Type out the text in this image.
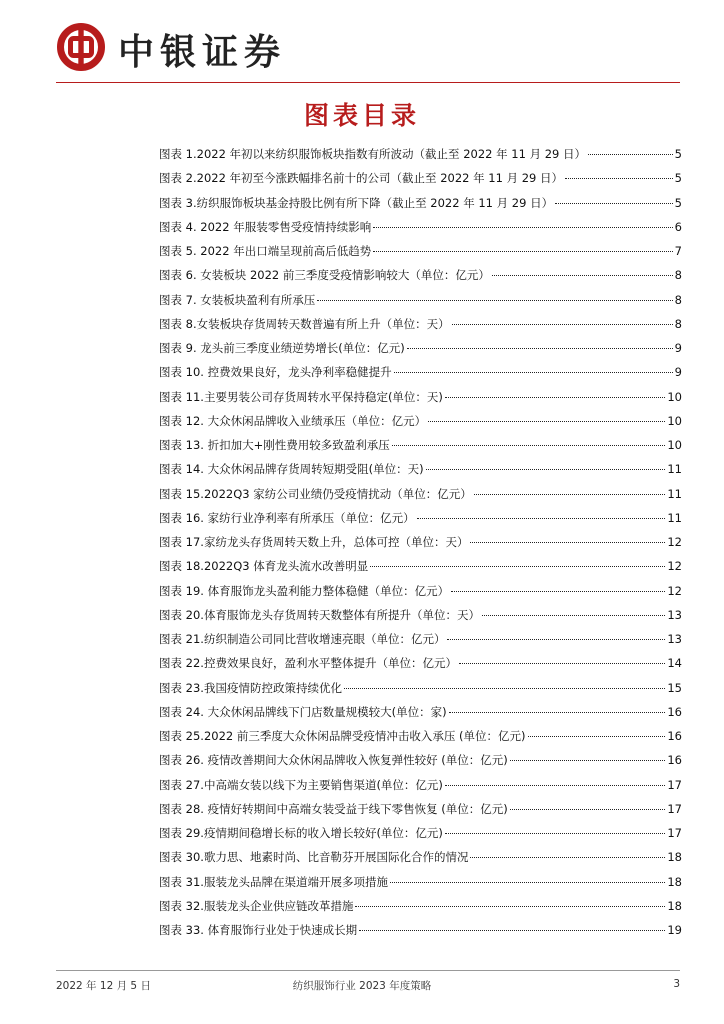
中银证券
图表目录
图表 1.2022 年初以来纺织服饰板块指数有所波动（截止至 2022 年 11 月 29 日）	5
图表 2.2022 年初至今涨跌幅排名前十的公司（截止至 2022 年 11 月 29 日）	5
图表 3.纺织服饰板块基金持股比例有所下降（截止至 2022 年 11 月 29 日）	5
图表 4. 2022 年服装零售受疫情持续影响	6
图表 5. 2022 年出口端呈现前高后低趋势	7
图表 6. 女装板块 2022 前三季度受疫情影响较大（单位：亿元）	8
图表 7. 女装板块盈利有所承压	8
图表 8.女装板块存货周转天数普遍有所上升（单位：天）	8
图表 9. 龙头前三季度业绩逆势增长(单位：亿元)	9
图表 10. 控费效果良好，龙头净利率稳健提升	9
图表 11.主要男装公司存货周转水平保持稳定(单位：天)	10
图表 12. 大众休闲品牌收入业绩承压（单位：亿元）	10
图表 13. 折扣加大+刚性费用较多致盈利承压	10
图表 14. 大众休闲品牌存货周转短期受阻(单位：天)	11
图表 15.2022Q3 家纺公司业绩仍受疫情扰动（单位：亿元）	11
图表 16. 家纺行业净利率有所承压（单位：亿元）	11
图表 17.家纺龙头存货周转天数上升，总体可控（单位：天）	12
图表 18.2022Q3 体育龙头流水改善明显	12
图表 19. 体育服饰龙头盈利能力整体稳健（单位：亿元）	12
图表 20.体育服饰龙头存货周转天数整体有所提升（单位：天）	13
图表 21.纺织制造公司同比营收增速亮眼（单位：亿元）	13
图表 22.控费效果良好，盈利水平整体提升（单位：亿元）	14
图表 23.我国疫情防控政策持续优化	15
图表 24. 大众休闲品牌线下门店数量规模较大(单位：家)	16
图表 25.2022 前三季度大众休闲品牌受疫情冲击收入承压 (单位：亿元)	16
图表 26. 疫情改善期间大众休闲品牌收入恢复弹性较好 (单位：亿元)	16
图表 27.中高端女装以线下为主要销售渠道(单位：亿元)	17
图表 28. 疫情好转期间中高端女装受益于线下零售恢复 (单位：亿元)	17
图表 29.疫情期间稳增长标的收入增长较好(单位：亿元)	17
图表 30.歌力思、地素时尚、比音勒芬开展国际化合作的情况	18
图表 31.服装龙头品牌在渠道端开展多项措施	18
图表 32.服装龙头企业供应链改革措施	18
图表 33. 体育服饰行业处于快速成长期	19
2022 年 12 月 5 日	纺织服饰行业 2023 年度策略	3
